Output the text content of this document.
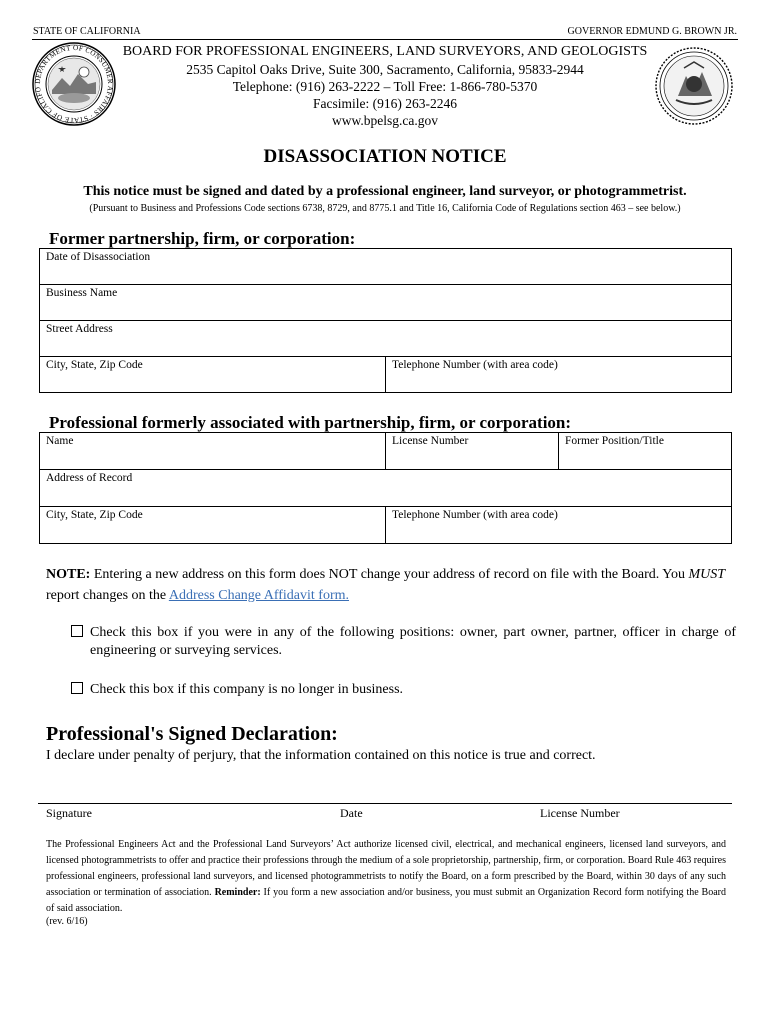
STATE OF CALIFORNIA	GOVERNOR EDMUND G. BROWN JR.
DEPARTMENT OF CONSUMER AFFAIRS · STATE OF CALIFO
BOARD FOR PROFESSIONAL ENGINEERS, LAND SURVEYORS, AND GEOLOGISTS
2535 Capitol Oaks Drive, Suite 300, Sacramento, California, 95833-2944
Telephone: (916) 263-2222 – Toll Free: 1-866-780-5370
Facsimile: (916) 263-2246
www.bpelsg.ca.gov
DISASSOCIATION NOTICE
This notice must be signed and dated by a professional engineer, land surveyor, or photogrammetrist.
(Pursuant to Business and Professions Code sections 6738, 8729, and 8775.1 and Title 16, California Code of Regulations section 463 – see below.)
Former partnership, firm, or corporation:
Date of Disassociation
Business Name
Street Address
City, State, Zip Code	Telephone Number (with area code)
Professional formerly associated with partnership, firm, or corporation:
Name	License Number	Former Position/Title
Address of Record		
City, State, Zip Code	Telephone Number (with area code)	
NOTE: Entering a new address on this form does NOT change your address of record on file with the Board. You MUST report changes on the Address Change Affidavit form.
Check this box if you were in any of the following positions: owner, part owner, partner, officer in charge of engineering or surveying services.
Check this box if this company is no longer in business.
Professional's Signed Declaration:
I declare under penalty of perjury, that the information contained on this notice is true and correct.
Signature	Date	License Number
The Professional Engineers Act and the Professional Land Surveyors’ Act authorize licensed civil, electrical, and mechanical engineers, licensed land surveyors, and licensed photogrammetrists to offer and practice their professions through the medium of a sole proprietorship, partnership, firm, or corporation. Board Rule 463 requires professional engineers, professional land surveyors, and licensed photogrammetrists to notify the Board, on a form prescribed by the Board, within 30 days of any such association or termination of association. Reminder: If you form a new association and/or business, you must submit an Organization Record form notifying the Board of said association.
(rev. 6/16)
